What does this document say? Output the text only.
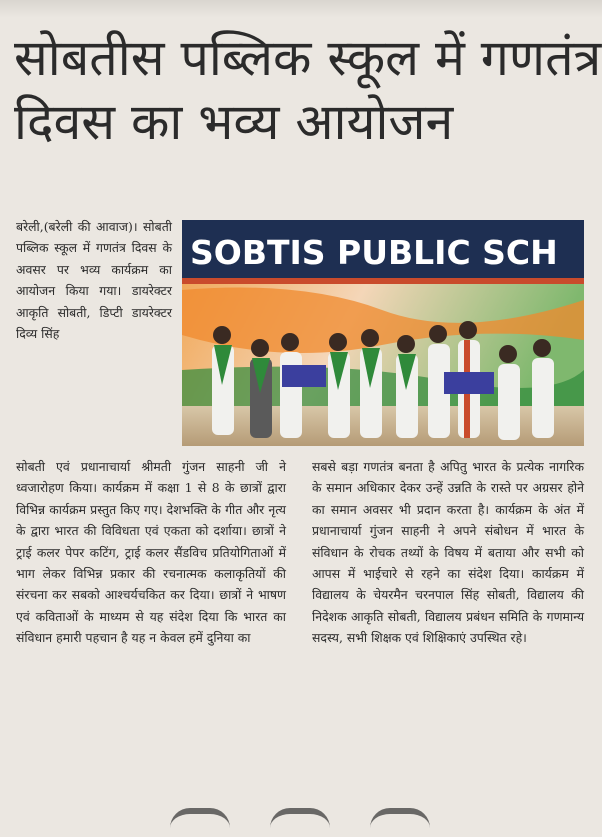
सोबतीस पब्लिक स्कूल में गणतंत्र
दिवस का भव्य आयोजन

बरेली,(बरेली की आवाज)। सोबती पब्लिक स्कूल में गणतंत्र दिवस के अवसर पर भव्य कार्यक्रम का आयोजन किया गया। डायरेक्टर आकृति सोबती, डिप्टी डायरेक्टर दिव्य सिंह

SOBTIS PUBLIC SCH

सोबती एवं प्रधानाचार्या श्रीमती गुंजन साहनी जी ने ध्वजारोहण किया। कार्यक्रम में कक्षा 1 से 8 के छात्रों द्वारा विभिन्न कार्यक्रम प्रस्तुत किए गए। देशभक्ति के गीत और नृत्य के द्वारा भारत की विविधता एवं एकता को दर्शाया। छात्रों ने ट्राई कलर पेपर कटिंग, ट्राई कलर सैंडविच प्रतियोगिताओं में भाग लेकर विभिन्न प्रकार की रचनात्मक कलाकृतियों की संरचना कर सबको आश्चर्यचकित कर दिया। छात्रों ने भाषण एवं कविताओं के माध्यम से यह संदेश दिया कि भारत का संविधान हमारी पहचान है यह न केवल हमें दुनिया का

सबसे बड़ा गणतंत्र बनता है अपितु भारत के प्रत्येक नागरिक के समान अधिकार देकर उन्हें उन्नति के रास्ते पर अग्रसर होने का समान अवसर भी प्रदान करता है। कार्यक्रम के अंत में प्रधानाचार्या गुंजन साहनी ने अपने संबोधन में भारत के संविधान के रोचक तथ्यों के विषय में बताया और सभी को आपस में भाईचारे से रहने का संदेश दिया। कार्यक्रम में विद्यालय के चेयरमैन चरनपाल सिंह सोबती, विद्यालय की निदेशक आकृति सोबती, विद्यालय प्रबंधन समिति के गणमान्य सदस्य, सभी शिक्षक एवं शिक्षिकाएं उपस्थित रहे।
